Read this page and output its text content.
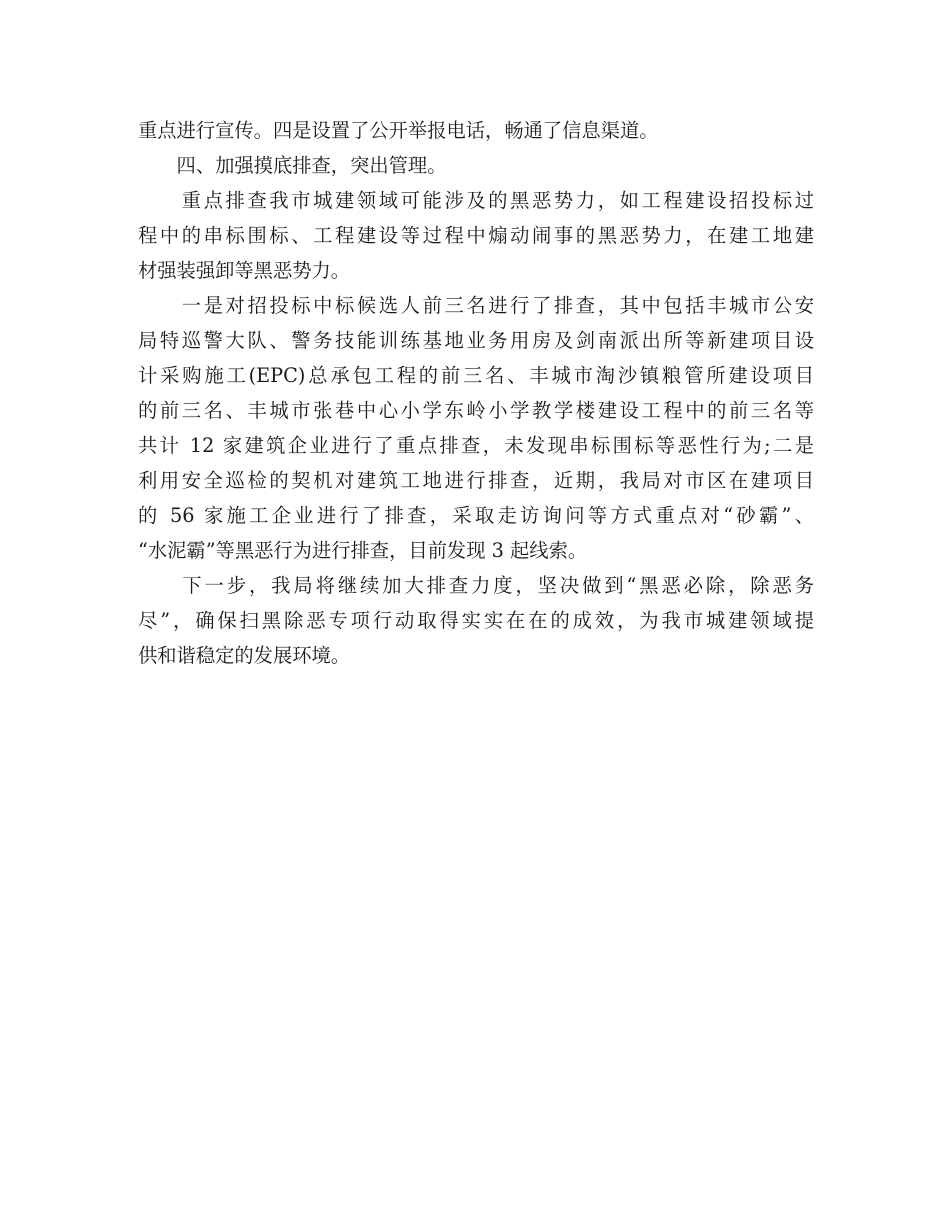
重点进行宣传。四是设置了公开举报电话，畅通了信息渠道。
　　四、加强摸底排查，突出管理。
　　重点排查我市城建领域可能涉及的黑恶势力，如工程建设招投标过
程中的串标围标、工程建设等过程中煽动闹事的黑恶势力，在建工地建
材强装强卸等黑恶势力。
　　一是对招投标中标候选人前三名进行了排查，其中包括丰城市公安
局特巡警大队、警务技能训练基地业务用房及剑南派出所等新建项目设
计采购施工(EPC)总承包工程的前三名、丰城市淘沙镇粮管所建设项目
的前三名、丰城市张巷中心小学东岭小学教学楼建设工程中的前三名等
共计 12 家建筑企业进行了重点排查，未发现串标围标等恶性行为;二是
利用安全巡检的契机对建筑工地进行排查，近期，我局对市区在建项目
的 56 家施工企业进行了排查，采取走访询问等方式重点对“砂霸”、
“水泥霸”等黑恶行为进行排查，目前发现 3 起线索。
　　下一步，我局将继续加大排查力度，坚决做到“黑恶必除，除恶务
尽”，确保扫黑除恶专项行动取得实实在在的成效，为我市城建领域提
供和谐稳定的发展环境。
